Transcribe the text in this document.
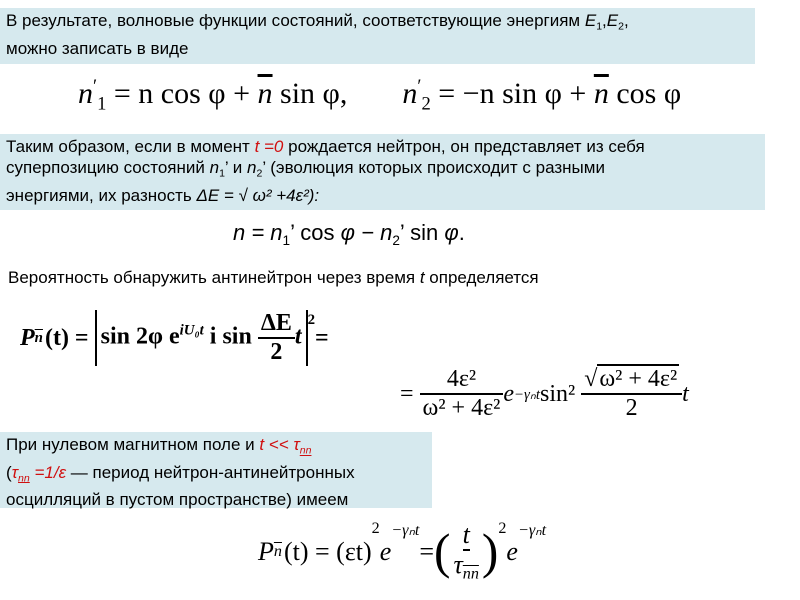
В результате, волновые функции состояний, соответствующие энергиям $E_1,E_2$,
можно записать в виде
$n'_1 = n$ $\cos \varphi + \overline{n}$ sin φ, $n'_2 = -n$ $\sin \varphi + \overline{n}$ cos φ
Таким образом, если в момент t =0 рождается нейтрон, он представляет из себя
суперпозицию состояний $n_1$’ и $n_2$’ (эволюция которых происходит с разными
энергиями, их разность ΔE = √ ω² +4ε²):
$n = n_1$’ $\cos \varphi - n_2$’ sin φ.
Вероятность обнаружить антинейтрон через время t определяется
P $\overline{n}$ (t) = sin 2φ $e^{iU_0t}$ i $\sin \frac{\Delta E}{2}$ t
2
=
= $\frac{\text{4ε²}}{\text{ω² + 4ε²}}$ e −γₙt $\sin^2 \frac{\text{√ω² + 4ε²}}{2}$ t
При нулевом магнитном поле и $t << \tau_{nn}$
($\tau_{nn} =1/\varepsilon$ — период нейтрон-антинейтронных
осцилляций в пустом пространстве) имеем
P $\overline{n}$ (t) = (εt)
2
e
−γₙt
= ( $\frac{t}{\tau_{\overline{nn}}}$ ) 2
e
−γₙt
